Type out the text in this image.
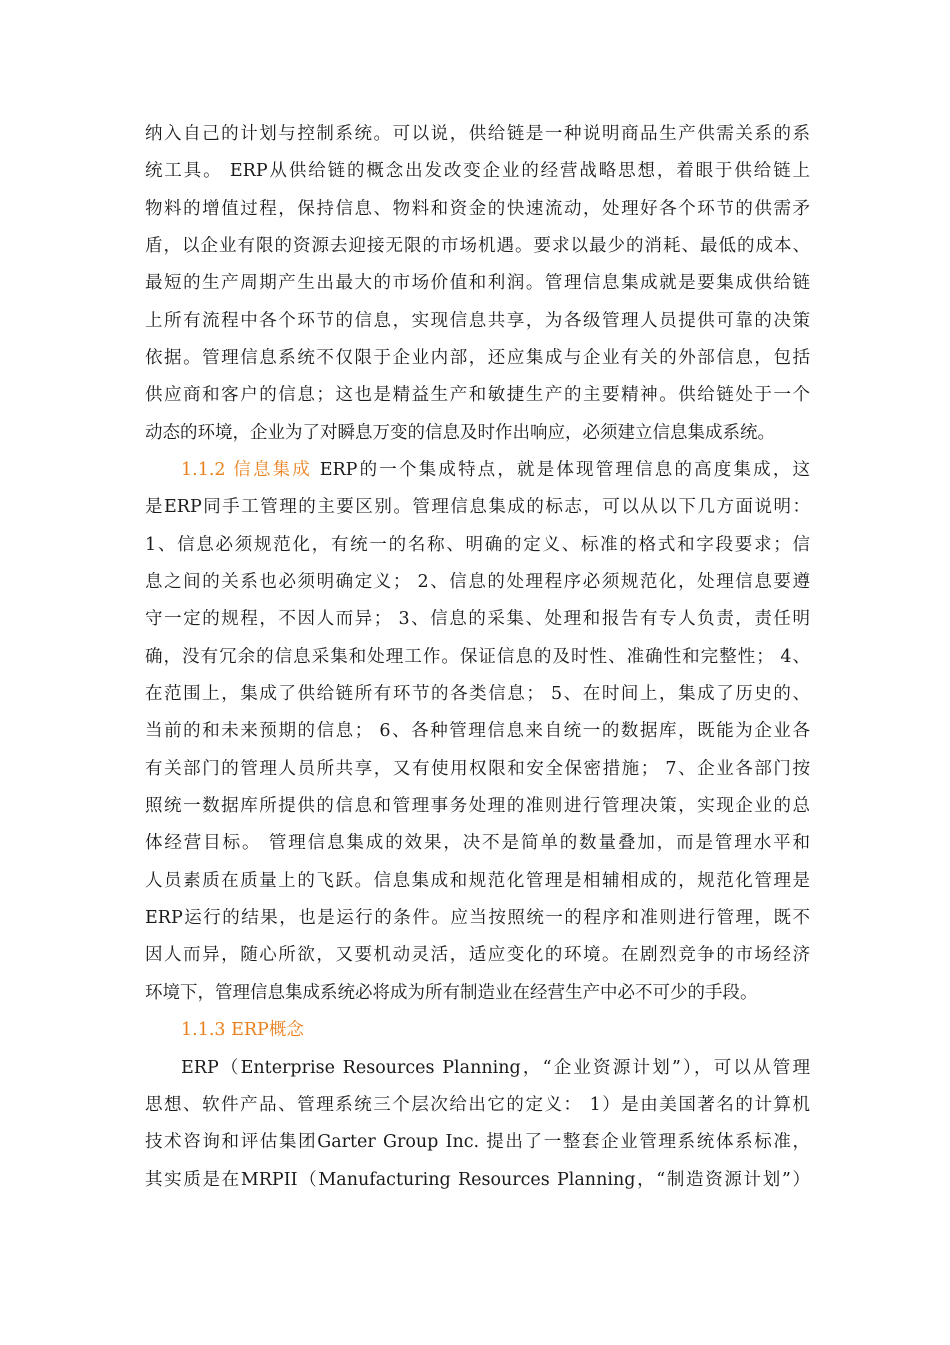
纳入自己的计划与控制系统。可以说，供给链是一种说明商品生产供需关系的系
统工具。 ERP从供给链的概念出发改变企业的经营战略思想，着眼于供给链上
物料的增值过程，保持信息、物料和资金的快速流动，处理好各个环节的供需矛
盾，以企业有限的资源去迎接无限的市场机遇。要求以最少的消耗、最低的成本、
最短的生产周期产生出最大的市场价值和利润。管理信息集成就是要集成供给链
上所有流程中各个环节的信息，实现信息共享，为各级管理人员提供可靠的决策
依据。管理信息系统不仅限于企业内部，还应集成与企业有关的外部信息，包括
供应商和客户的信息；这也是精益生产和敏捷生产的主要精神。供给链处于一个
动态的环境，企业为了对瞬息万变的信息及时作出响应，必须建立信息集成系统。
1.1.2 信息集成 ERP的一个集成特点，就是体现管理信息的高度集成，这
是ERP同手工管理的主要区别。管理信息集成的标志，可以从以下几方面说明：
1、信息必须规范化，有统一的名称、明确的定义、标准的格式和字段要求；信
息之间的关系也必须明确定义； 2、信息的处理程序必须规范化，处理信息要遵
守一定的规程，不因人而异； 3、信息的采集、处理和报告有专人负责，责任明
确，没有冗余的信息采集和处理工作。保证信息的及时性、准确性和完整性； 4、
在范围上，集成了供给链所有环节的各类信息； 5、在时间上，集成了历史的、
当前的和未来预期的信息； 6、各种管理信息来自统一的数据库，既能为企业各
有关部门的管理人员所共享，又有使用权限和安全保密措施； 7、企业各部门按
照统一数据库所提供的信息和管理事务处理的准则进行管理决策，实现企业的总
体经营目标。 管理信息集成的效果，决不是简单的数量叠加，而是管理水平和
人员素质在质量上的飞跃。信息集成和规范化管理是相辅相成的，规范化管理是
ERP运行的结果，也是运行的条件。应当按照统一的程序和准则进行管理，既不
因人而异，随心所欲，又要机动灵活，适应变化的环境。在剧烈竞争的市场经济
环境下，管理信息集成系统必将成为所有制造业在经营生产中必不可少的手段。
1.1.3 ERP概念
ERP（Enterprise Resources Planning，“企业资源计划”），可以从管理
思想、软件产品、管理系统三个层次给出它的定义： 1）是由美国著名的计算机
技术咨询和评估集团Garter Group Inc. 提出了一整套企业管理系统体系标准，
其实质是在MRPII（Manufacturing Resources Planning，“制造资源计划”）
